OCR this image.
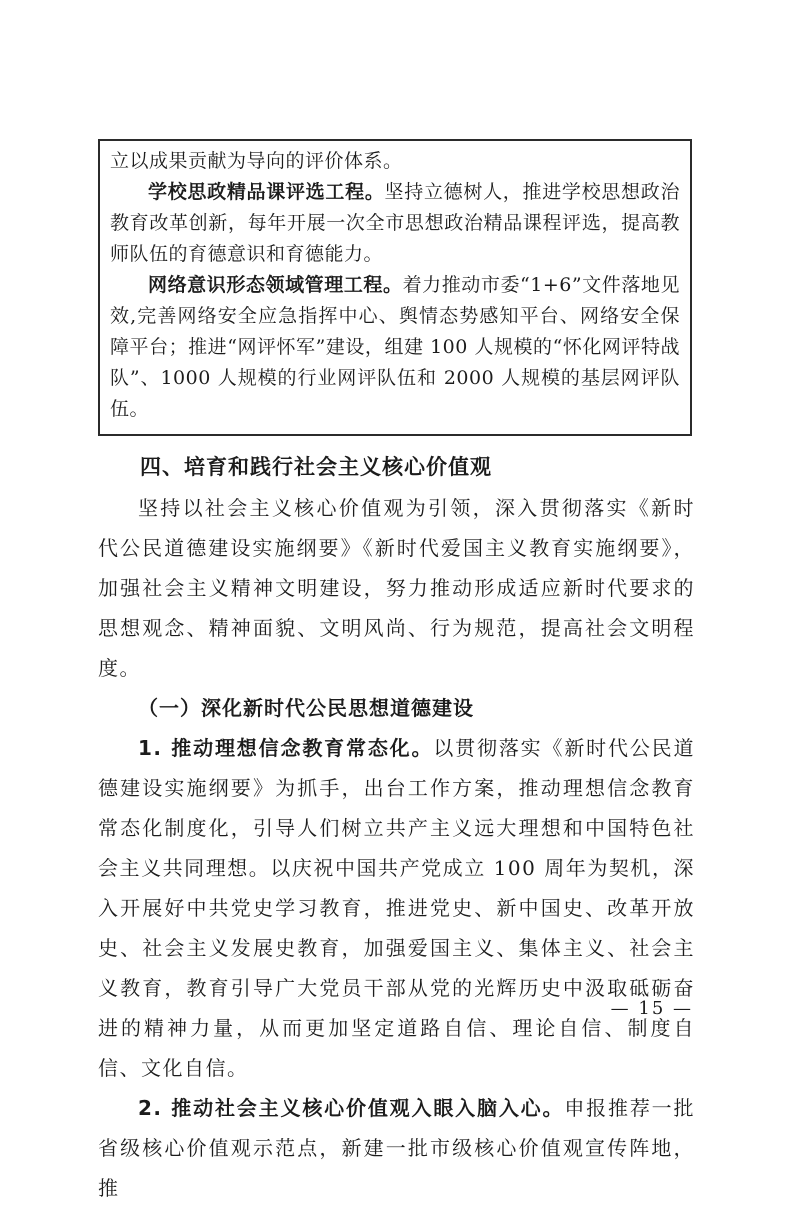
立以成果贡献为导向的评价体系。

学校思政精品课评选工程。坚持立德树人，推进学校思想政治教育改革创新，每年开展一次全市思想政治精品课程评选，提高教师队伍的育德意识和育德能力。

网络意识形态领域管理工程。着力推动市委“1+6”文件落地见效,完善网络安全应急指挥中心、舆情态势感知平台、网络安全保障平台；推进“网评怀军”建设，组建 100 人规模的“怀化网评特战队”、1000 人规模的行业网评队伍和 2000 人规模的基层网评队伍。

四、培育和践行社会主义核心价值观

坚持以社会主义核心价值观为引领，深入贯彻落实《新时代公民道德建设实施纲要》《新时代爱国主义教育实施纲要》，加强社会主义精神文明建设，努力推动形成适应新时代要求的思想观念、精神面貌、文明风尚、行为规范，提高社会文明程度。

（一）深化新时代公民思想道德建设

1. 推动理想信念教育常态化。以贯彻落实《新时代公民道德建设实施纲要》为抓手，出台工作方案，推动理想信念教育常态化制度化，引导人们树立共产主义远大理想和中国特色社会主义共同理想。以庆祝中国共产党成立 100 周年为契机，深入开展好中共党史学习教育，推进党史、新中国史、改革开放史、社会主义发展史教育，加强爱国主义、集体主义、社会主义教育，教育引导广大党员干部从党的光辉历史中汲取砥砺奋进的精神力量，从而更加坚定道路自信、理论自信、制度自信、文化自信。

2. 推动社会主义核心价值观入眼入脑入心。申报推荐一批省级核心价值观示范点，新建一批市级核心价值观宣传阵地，推

— 15 —
